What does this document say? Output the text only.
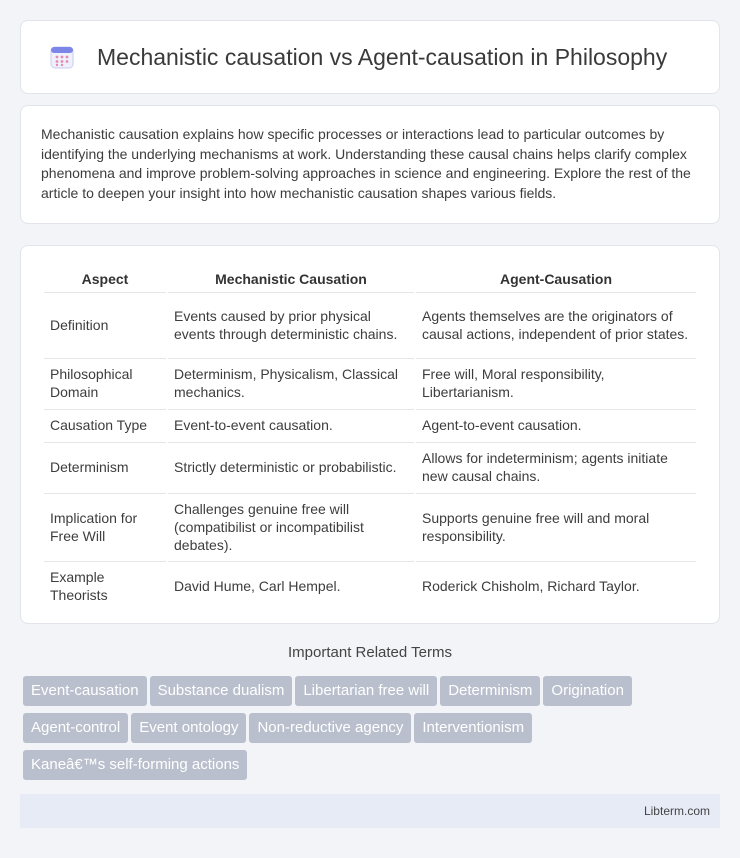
Mechanistic causation vs Agent-causation in Philosophy

Mechanistic causation explains how specific processes or interactions lead to particular outcomes by identifying the underlying mechanisms at work. Understanding these causal chains helps clarify complex phenomena and improve problem-solving approaches in science and engineering. Explore the rest of the article to deepen your insight into how mechanistic causation shapes various fields.

Aspect	Mechanistic Causation	Agent-Causation
Definition	Events caused by prior physical events through deterministic chains.	Agents themselves are the originators of causal actions, independent of prior states.
Philosophical Domain	Determinism, Physicalism, Classical mechanics.	Free will, Moral responsibility, Libertarianism.
Causation Type	Event-to-event causation.	Agent-to-event causation.
Determinism	Strictly deterministic or probabilistic.	Allows for indeterminism; agents initiate new causal chains.
Implication for Free Will	Challenges genuine free will (compatibilist or incompatibilist debates).	Supports genuine free will and moral responsibility.
Example Theorists	David Hume, Carl Hempel.	Roderick Chisholm, Richard Taylor.
Important Related Terms
Event-causation Substance dualism Libertarian free will Determinism Origination
Agent-control Event ontology Non-reductive agency Interventionism
Kaneâ€™s self-forming actions
Libterm.com
